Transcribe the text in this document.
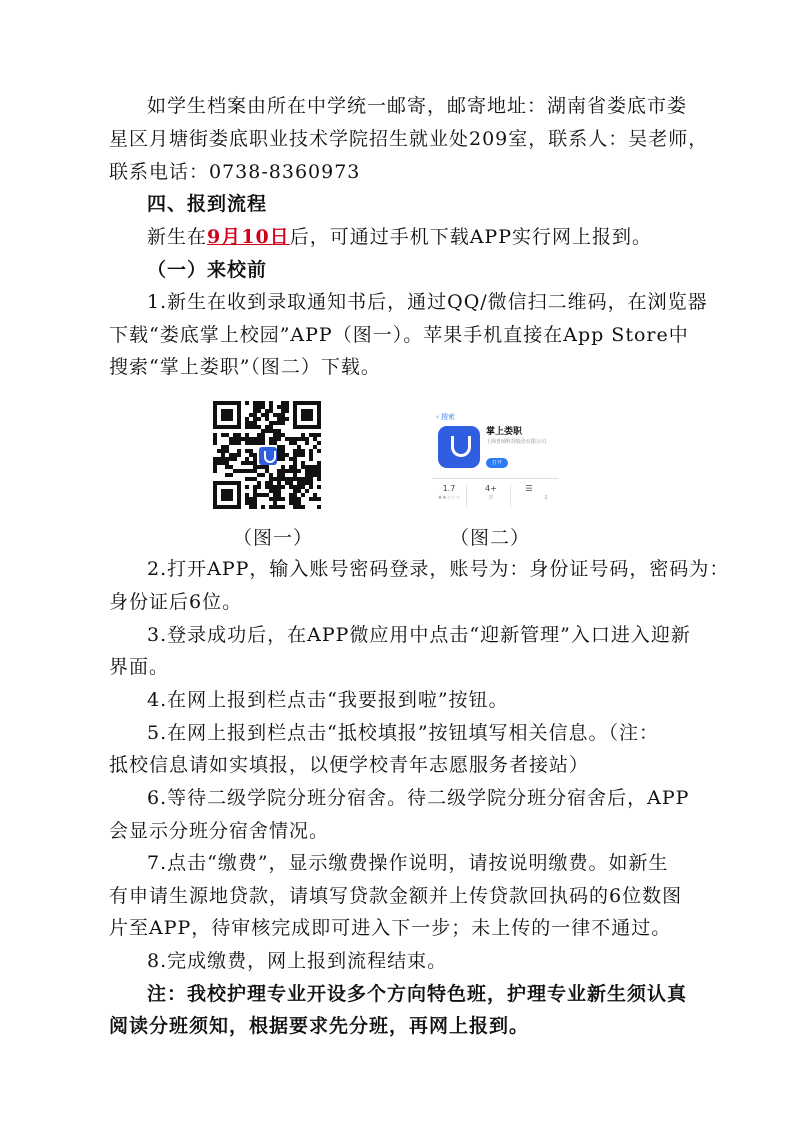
如学生档案由所在中学统一邮寄，邮寄地址：湖南省娄底市娄
星区月塘街娄底职业技术学院招生就业处209室，联系人：吴老师，
联系电话：0738-8360973
四、报到流程
新生在9月10日后，可通过手机下载APP实行网上报到。
（一）来校前
1.新生在收到录取通知书后，通过QQ/微信扫二维码，在浏览器
下载“娄底掌上校园”APP（图一）。苹果手机直接在App Store中
搜索“掌上娄职”（图二）下载。
（图一）
‹ 搜索
掌上娄职
上海普域科技股份有限公司
打开
1.7
★★☆☆☆
4+
岁
☰
2
（图二）
2.打开APP，输入账号密码登录，账号为：身份证号码，密码为：
身份证后6位。
3.登录成功后，在APP微应用中点击“迎新管理”入口进入迎新
界面。
4.在网上报到栏点击“我要报到啦”按钮。
5.在网上报到栏点击“抵校填报”按钮填写相关信息。（注：
抵校信息请如实填报，以便学校青年志愿服务者接站）
6.等待二级学院分班分宿舍。待二级学院分班分宿舍后，APP
会显示分班分宿舍情况。
7.点击“缴费”，显示缴费操作说明，请按说明缴费。如新生
有申请生源地贷款，请填写贷款金额并上传贷款回执码的6位数图
片至APP，待审核完成即可进入下一步；未上传的一律不通过。
8.完成缴费，网上报到流程结束。
注：我校护理专业开设多个方向特色班，护理专业新生须认真
阅读分班须知，根据要求先分班，再网上报到。
